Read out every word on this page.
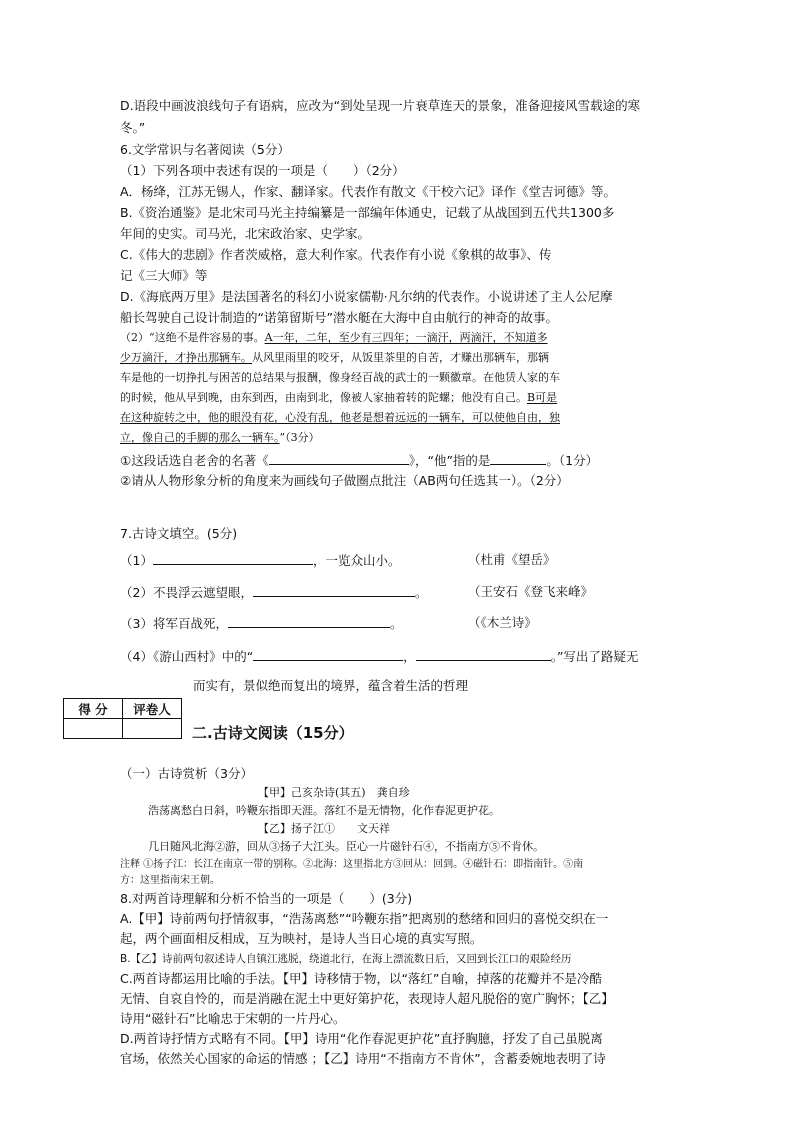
D.语段中画波浪线句子有语病，应改为“到处呈现一片衰草连天的景象，准备迎接风雪载途的寒
冬。”
6.文学常识与名著阅读（5分）
（1）下列各项中表述有误的一项是（　　）（2分）
A．杨绛，江苏无锡人，作家、翻译家。代表作有散文《干校六记》译作《堂吉诃德》等。
B.《资治通鉴》是北宋司马光主持编纂是一部编年体通史，记载了从战国到五代共1300多
年间的史实。司马光，北宋政治家、史学家。
C.《伟大的悲剧》作者茨威格，意大利作家。代表作有小说《象棋的故事》、传
记《三大师》等
D.《海底两万里》是法国著名的科幻小说家儒勒·凡尔纳的代表作。小说讲述了主人公尼摩
船长驾驶自己设计制造的“诺第留斯号”潜水艇在大海中自由航行的神奇的故事。
（2）“这绝不是件容易的事。A一年，二年，至少有三四年；一滴汗，两滴汗，不知道多
少万滴汗，才挣出那辆车。从风里雨里的咬牙，从饭里茶里的自苦，才赚出那辆车，那辆
车是他的一切挣扎与困苦的总结果与报酬，像身经百战的武士的一颗徽章。在他赁人家的车
的时候，他从早到晚，由东到西，由南到北，像被人家抽着转的陀螺；他没有自己。B可是
在这种旋转之中，他的眼没有花，心没有乱，他老是想着远远的一辆车，可以使他自由，独
立，像自己的手脚的那么一辆车。”（3分）
①这段话选自老舍的名著《	》，“他”指的是	。（1分）
②请从人物形象分析的角度来为画线句子做圈点批注（AB两句任选其一）。（2分）
7.古诗文填空。(5分)
（1）	，一览众山小。	（杜甫《望岳》
（2）不畏浮云遮望眼，	。	（王安石《登飞来峰》
（3）将军百战死，	。	（《木兰诗》
（4）《游山西村》中的“	，	。”写出了路疑无
而实有，景似绝而复出的境界，蕴含着生活的哲理
得 分	评卷人

二.古诗文阅读（15分）
（一）古诗赏析（3分）
【甲】己亥杂诗(其五)　龚自珍
浩荡离愁白日斜，吟鞭东指即天涯。落红不是无情物，化作春泥更护花。
【乙】扬子江①　　文天祥
几日随风北海②游，回从③扬子大江头。臣心一片磁针石④，不指南方⑤不肯休。
注释 ①扬子江：长江在南京一带的别称。②北海：这里指北方③回从：回到。④磁针石：即指南针。⑤南
方：这里指南宋王朝。
8.对两首诗理解和分析不恰当的一项是（　　）(3分)
A.【甲】诗前两句抒情叙事，“浩荡离愁”“吟鞭东指”把离别的愁绪和回归的喜悦交织在一
起，两个画面相反相成，互为映衬，是诗人当日心境的真实写照。
B.【乙】诗前两句叙述诗人自镇江逃脱，绕道北行，在海上漂流数日后，又回到长江口的艰险经历　　　
C.两首诗都运用比喻的手法。【甲】诗移情于物，以“落红”自喻，掉落的花瓣并不是冷酷
无情、自哀自怜的，而是消融在泥土中更好第护花，表现诗人超凡脱俗的宽广胸怀；【乙】
诗用“磁针石”比喻忠于宋朝的一片丹心。
D.两首诗抒情方式略有不同。【甲】诗用“化作春泥更护花”直抒胸臆，抒发了自己虽脱离
官场，依然关心国家的命运的情感 ；【乙】诗用“不指南方不肯休”，含蓄委婉地表明了诗
